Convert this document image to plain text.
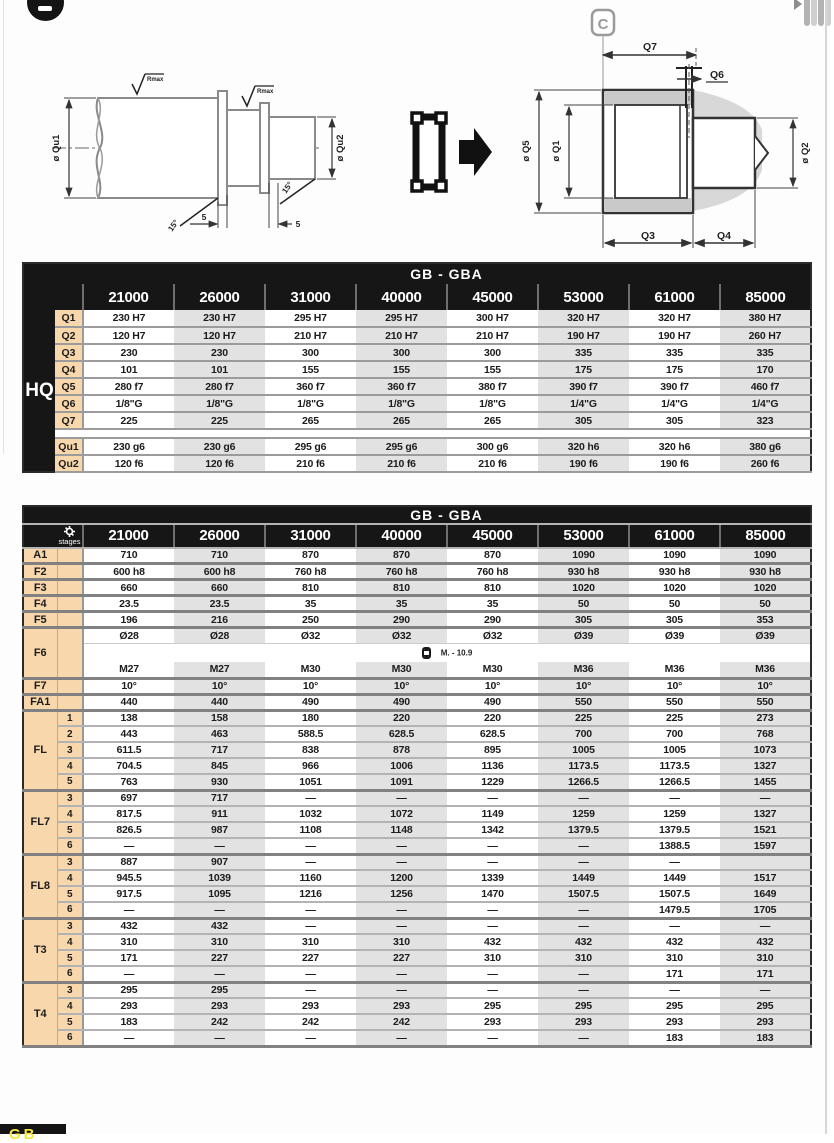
ø Qu1	ø Qu2
Rmax
Rmax
15°
15°
5
5
C
Q7
Q6
ø Q5 ø Q1	ø Q2
Q3	Q4
		GB - GBA							
		21000	26000	31000	40000	45000	53000	61000	85000
HQ	Q1	230 H7	230 H7	295 H7	295 H7	300 H7	320 H7	320 H7	380 H7
	Q2	120 H7	120 H7	210 H7	210 H7	210 H7	190 H7	190 H7	260 H7
	Q3	230	230	300	300	300	335	335	335
	Q4	101	101	155	155	155	175	175	170
	Q5	280 f7	280 f7	360 f7	360 f7	380 f7	390 f7	390 f7	460 f7
	Q6	1/8"G	1/8"G	1/8"G	1/8"G	1/8"G	1/4"G	1/4"G	1/4"G
	Q7	225	225	265	265	265	305	305	323

	Qu1	230 g6	230 g6	295 g6	295 g6	300 g6	320 h6	320 h6	380 g6
	Qu2	120 f6	120 f6	210 f6	210 f6	210 f6	190 f6	190 f6	260 f6
		GB - GBA							

	stages	21000	26000	31000	40000	45000	53000	61000	85000
A1		710	710	870	870	870	1090	1090	1090
F2		600 h8	600 h8	760 h8	760 h8	760 h8	930 h8	930 h8	930 h8
F3		660	660	810	810	810	1020	1020	1020
F4		23.5	23.5	35	35	35	50	50	50
F5		196	216	250	290	290	305	305	353
F6		Ø28	Ø28	Ø32	Ø32	Ø32	Ø39	Ø39	Ø39
		M. - 10.9							
		M27	M27	M30	M30	M30	M36	M36	M36
F7		10°	10°	10°	10°	10°	10°	10°	10°
FA1		440	440	490	490	490	550	550	550
FL	1	138	158	180	220	220	225	225	273
	2	443	463	588.5	628.5	628.5	700	700	768
	3	611.5	717	838	878	895	1005	1005	1073
	4	704.5	845	966	1006	1136	1173.5	1173.5	1327
	5	763	930	1051	1091	1229	1266.5	1266.5	1455
FL7	3	697	717	—	—	—	—	—	—
	4	817.5	911	1032	1072	1149	1259	1259	1327
	5	826.5	987	1108	1148	1342	1379.5	1379.5	1521
	6	—	—	—	—	—	—	1388.5	1597
FL8	3	887	907	—	—	—	—	—	
	4	945.5	1039	1160	1200	1339	1449	1449	1517
	5	917.5	1095	1216	1256	1470	1507.5	1507.5	1649
	6	—	—	—	—	—	—	1479.5	1705
T3	3	432	432	—	—	—	—	—	—
	4	310	310	310	310	432	432	432	432
	5	171	227	227	227	310	310	310	310
	6	—	—	—	—	—	—	171	171
T4	3	295	295	—	—	—	—	—	—
	4	293	293	293	293	295	295	295	295
	5	183	242	242	242	293	293	293	293
	6	—	—	—	—	—	—	183	183
GB
